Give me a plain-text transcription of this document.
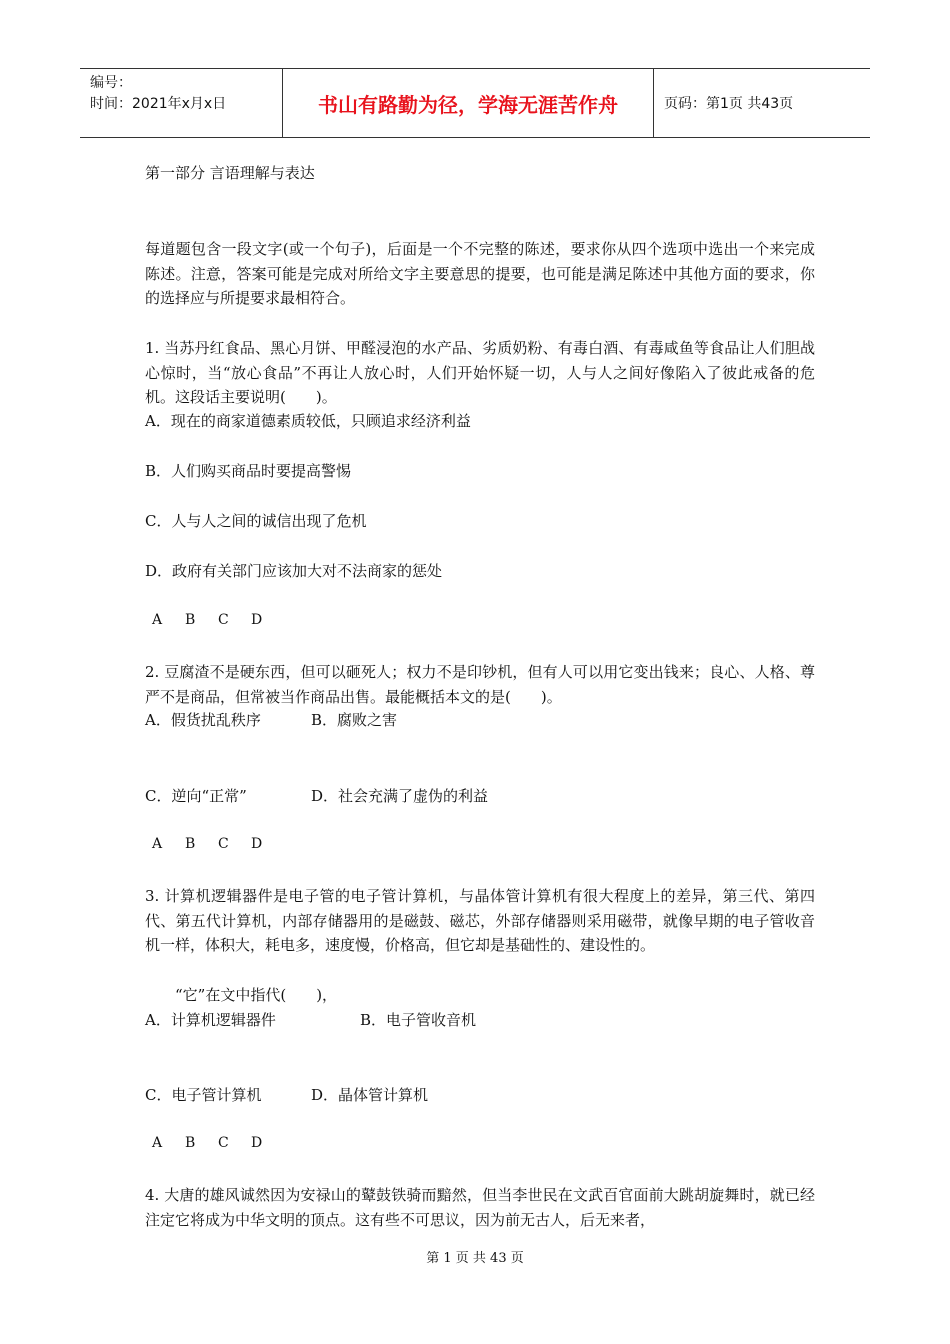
编号：
时间：2021年x月x日	书山有路勤为径，学海无涯苦作舟	页码：第1页 共43页
第一部分 言语理解与表达
每道题包含一段文字(或一个句子)，后面是一个不完整的陈述，要求你从四个选项中选出一个来完成陈述。注意，答案可能是完成对所给文字主要意思的提要，也可能是满足陈述中其他方面的要求，你的选择应与所提要求最相符合。
1. 当苏丹红食品、黑心月饼、甲醛浸泡的水产品、劣质奶粉、有毒白酒、有毒咸鱼等食品让人们胆战心惊时，当“放心食品”不再让人放心时，人们开始怀疑一切，人与人之间好像陷入了彼此戒备的危机。这段话主要说明(　　)。
A．现在的商家道德素质较低，只顾追求经济利益
B．人们购买商品时要提高警惕
C．人与人之间的诚信出现了危机
D．政府有关部门应该加大对不法商家的惩处
A B C D
2. 豆腐渣不是硬东西，但可以砸死人；权力不是印钞机，但有人可以用它变出钱来；良心、人格、尊严不是商品，但常被当作商品出售。最能概括本文的是(　　)。
A．假货扰乱秩序	B．腐败之害
C．逆向“正常”	D．社会充满了虚伪的利益
A B C D
3. 计算机逻辑器件是电子管的电子管计算机，与晶体管计算机有很大程度上的差异，第三代、第四代、第五代计算机，内部存储器用的是磁鼓、磁芯，外部存储器则采用磁带，就像早期的电子管收音机一样，体积大，耗电多，速度慢，价格高，但它却是基础性的、建设性的。
“它”在文中指代(　　)，
A．计算机逻辑器件	B．电子管收音机
C．电子管计算机	D．晶体管计算机
A B C D
4. 大唐的雄风诚然因为安禄山的鼙鼓铁骑而黯然，但当李世民在文武百官面前大跳胡旋舞时，就已经注定它将成为中华文明的顶点。这有些不可思议，因为前无古人，后无来者，
第 1 页 共 43 页
